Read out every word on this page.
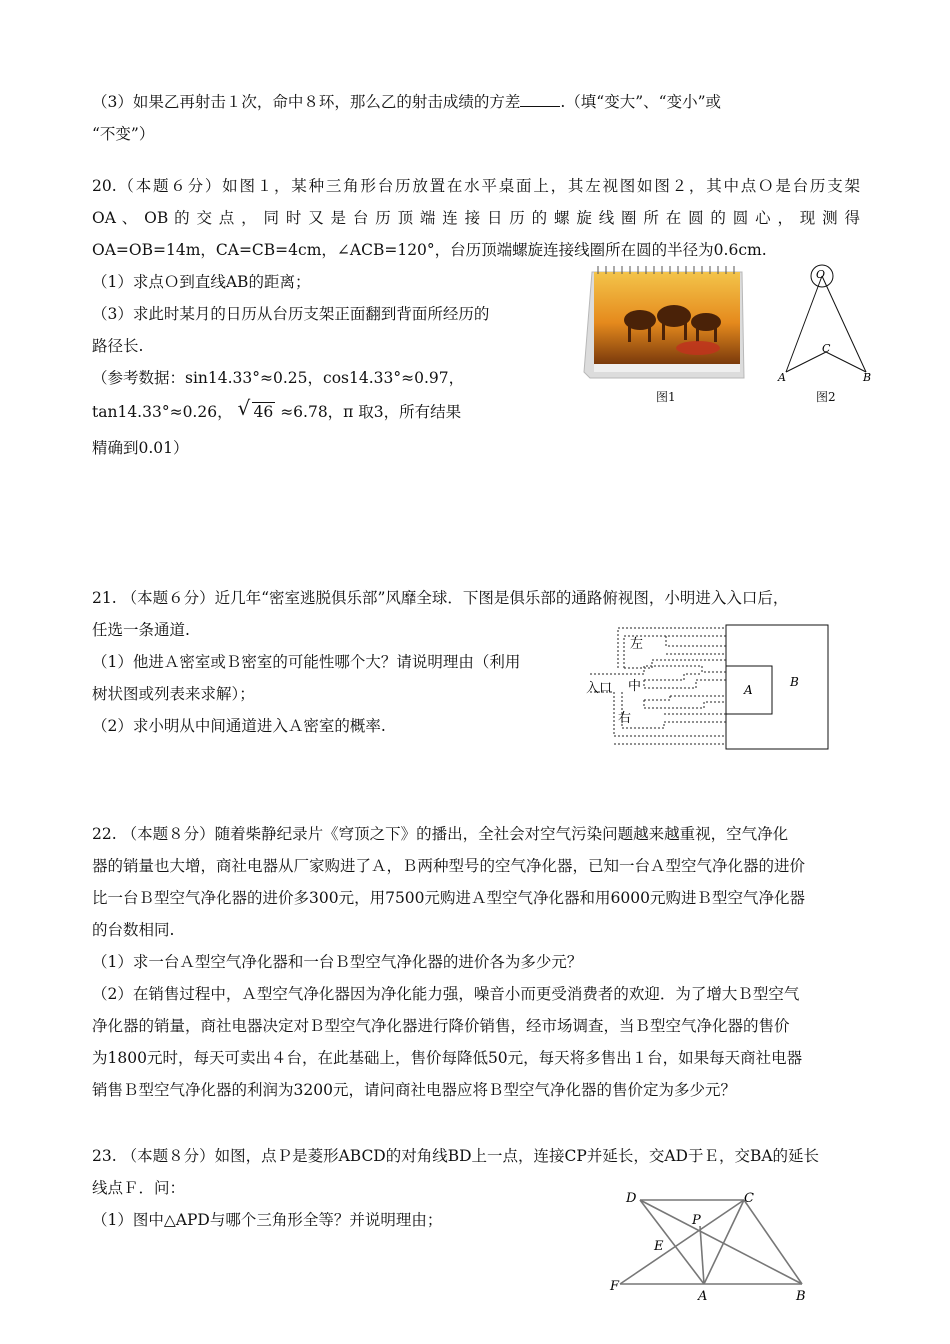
（3）如果乙再射击１次，命中８环，那么乙的射击成绩的方差	.（填“变大”、“变小”或
“不变”）
20.（本题６分）如图１，某种三角形台历放置在水平桌面上，其左视图如图２，其中点Ｏ是台历支架
OA 、 OB 的 交 点 ， 同 时 又 是 台 历 顶 端 连 接 日 历 的 螺 旋 线 圈 所 在 圆 的 圆 心 ， 现 测 得
OA=OB=14m，CA=CB=4cm，∠ACB=120°，台历顶端螺旋连接线圈所在圆的半径为0.6cm.
（1）求点Ｏ到直线AB的距离；
（3）求此时某月的日历从台历支架正面翻到背面所经历的
路径长.
（参考数据：sin14.33°≈0.25，cos14.33°≈0.97，
tan14.33°≈0.26， √ 46 ≈6.78，π 取3，所有结果
精确到0.01）
图1
O
C
A	B
图2
21. （本题６分）近几年“密室逃脱俱乐部”风靡全球．下图是俱乐部的通路俯视图，小明进入入口后，
任选一条通道.
（1）他进Ａ密室或Ｂ密室的可能性哪个大？请说明理由（利用
树状图或列表来求解）；
（2）求小明从中间通道进入Ａ密室的概率.
左
中
右
入口	A
B
22. （本题８分）随着柴静纪录片《穹顶之下》的播出，全社会对空气污染问题越来越重视，空气净化
器的销量也大增，商社电器从厂家购进了Ａ，Ｂ两种型号的空气净化器，已知一台Ａ型空气净化器的进价
比一台Ｂ型空气净化器的进价多300元，用7500元购进Ａ型空气净化器和用6000元购进Ｂ型空气净化器
的台数相同.
（1）求一台Ａ型空气净化器和一台Ｂ型空气净化器的进价各为多少元？
（2）在销售过程中，Ａ型空气净化器因为净化能力强，噪音小而更受消费者的欢迎．为了增大Ｂ型空气
净化器的销量，商社电器决定对Ｂ型空气净化器进行降价销售，经市场调查，当Ｂ型空气净化器的售价
为1800元时，每天可卖出４台，在此基础上，售价每降低50元，每天将多售出１台，如果每天商社电器
销售Ｂ型空气净化器的利润为3200元，请问商社电器应将Ｂ型空气净化器的售价定为多少元？
23. （本题８分）如图，点Ｐ是菱形ABCD的对角线BD上一点，连接CP并延长，交AD于Ｅ，交BA的延长
线点Ｆ．问：
（1）图中△APD与哪个三角形全等？并说明理由；
D	C
P
E
F
A	B
